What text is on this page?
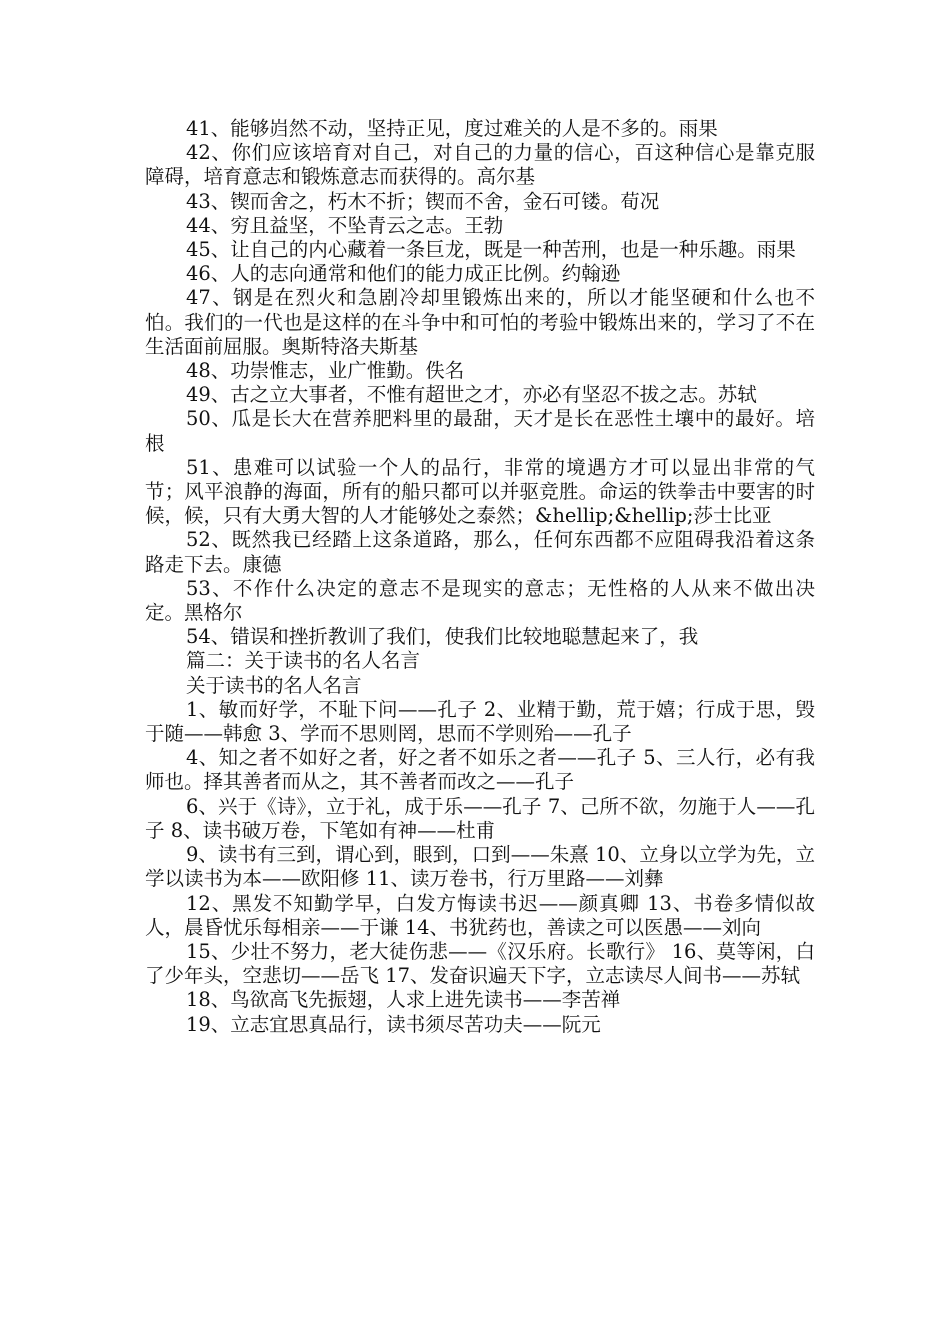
41、能够岿然不动，坚持正见，度过难关的人是不多的。雨果

42、你们应该培育对自己，对自己的力量的信心，百这种信心是靠克服障碍，培育意志和锻炼意志而获得的。高尔基

43、锲而舍之，朽木不折；锲而不舍，金石可镂。荀况

44、穷且益坚，不坠青云之志。王勃

45、让自己的内心藏着一条巨龙，既是一种苦刑，也是一种乐趣。雨果

46、人的志向通常和他们的能力成正比例。约翰逊

47、钢是在烈火和急剧冷却里锻炼出来的，所以才能坚硬和什么也不怕。我们的一代也是这样的在斗争中和可怕的考验中锻炼出来的，学习了不在生活面前屈服。奥斯特洛夫斯基

48、功崇惟志，业广惟勤。佚名

49、古之立大事者，不惟有超世之才，亦必有坚忍不拔之志。苏轼

50、瓜是长大在营养肥料里的最甜，天才是长在恶性土壤中的最好。培根

51、患难可以试验一个人的品行，非常的境遇方才可以显出非常的气节；风平浪静的海面，所有的船只都可以并驱竞胜。命运的铁拳击中要害的时候，候，只有大勇大智的人才能够处之泰然；&hellip;&hellip;莎士比亚

52、既然我已经踏上这条道路，那么，任何东西都不应阻碍我沿着这条路走下去。康德

53、不作什么决定的意志不是现实的意志；无性格的人从来不做出决定。黑格尔

54、错误和挫折教训了我们，使我们比较地聪慧起来了，我

篇二：关于读书的名人名言

关于读书的名人名言

1、敏而好学，不耻下问——孔子 2、业精于勤，荒于嬉；行成于思，毁于随——韩愈 3、学而不思则罔，思而不学则殆——孔子

4、知之者不如好之者，好之者不如乐之者——孔子 5、三人行，必有我师也。择其善者而从之，其不善者而改之——孔子

6、兴于《诗》，立于礼，成于乐——孔子 7、己所不欲，勿施于人——孔子 8、读书破万卷，下笔如有神——杜甫

9、读书有三到，谓心到，眼到，口到——朱熹 10、立身以立学为先，立学以读书为本——欧阳修 11、读万卷书，行万里路——刘彝

12、黑发不知勤学早，白发方悔读书迟——颜真卿 13、书卷多情似故人，晨昏忧乐每相亲——于谦 14、书犹药也，善读之可以医愚——刘向

15、少壮不努力，老大徒伤悲——《汉乐府。长歌行》 16、莫等闲，白了少年头，空悲切——岳飞 17、发奋识遍天下字，立志读尽人间书——苏轼

18、鸟欲高飞先振翅，人求上进先读书——李苦禅

19、立志宜思真品行，读书须尽苦功夫——阮元
